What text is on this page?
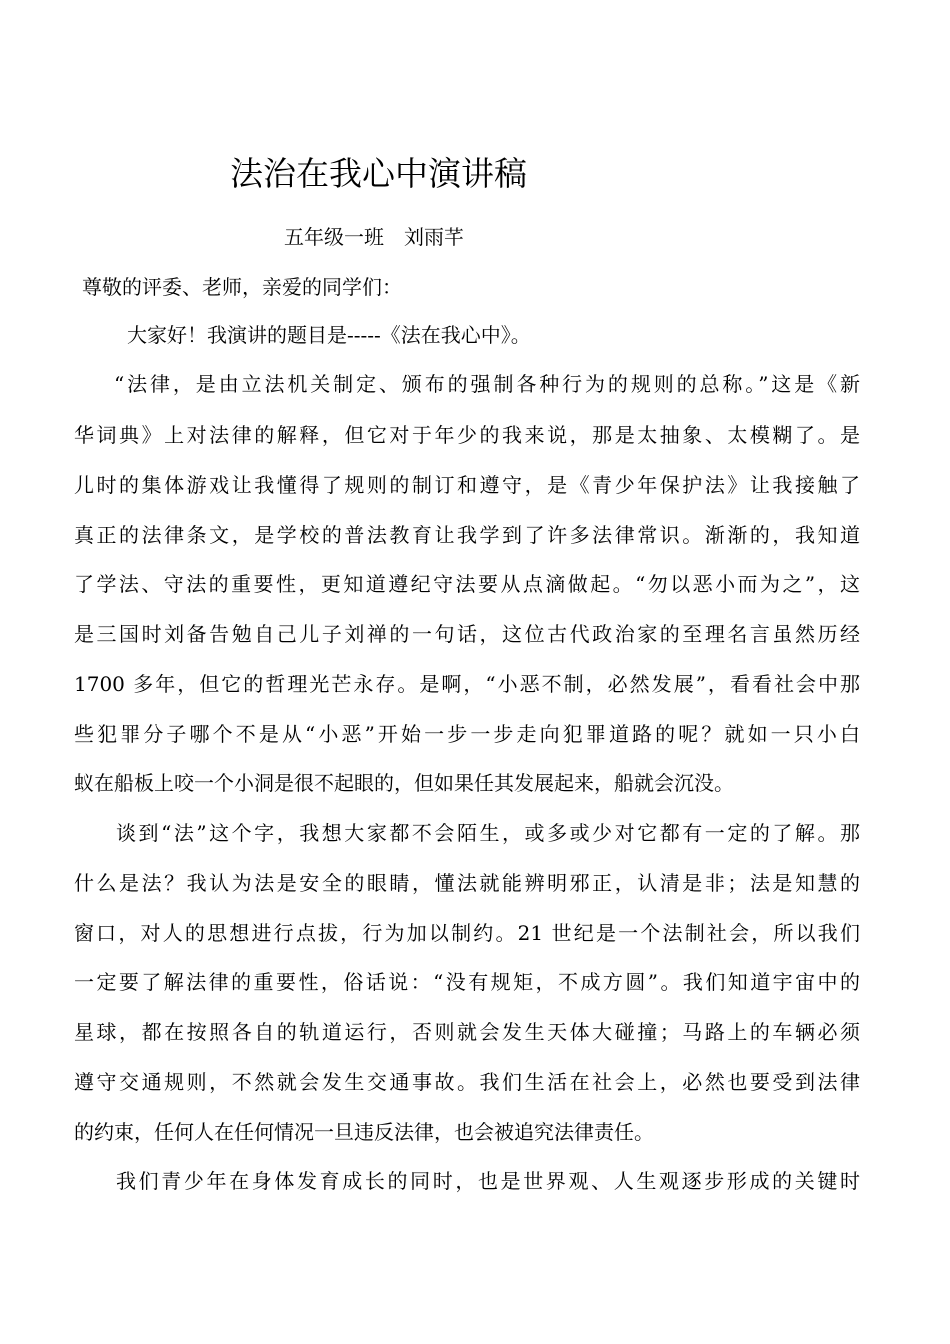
法治在我心中演讲稿
五年级一班　刘雨芊
尊敬的评委、老师，亲爱的同学们：
大家好！我演讲的题目是-----《法在我心中》。
“法律，是由立法机关制定、颁布的强制各种行为的规则的总称。”这是《新
华词典》上对法律的解释，但它对于年少的我来说，那是太抽象、太模糊了。是
儿时的集体游戏让我懂得了规则的制订和遵守，是《青少年保护法》让我接触了
真正的法律条文，是学校的普法教育让我学到了许多法律常识。渐渐的，我知道
了学法、守法的重要性，更知道遵纪守法要从点滴做起。“勿以恶小而为之”，这
是三国时刘备告勉自己儿子刘禅的一句话，这位古代政治家的至理名言虽然历经
1700 多年，但它的哲理光芒永存。是啊，“小恶不制，必然发展”，看看社会中那
些犯罪分子哪个不是从“小恶”开始一步一步走向犯罪道路的呢？就如一只小白
蚁在船板上咬一个小洞是很不起眼的，但如果任其发展起来，船就会沉没。
谈到“法”这个字，我想大家都不会陌生，或多或少对它都有一定的了解。那
什么是法？我认为法是安全的眼睛，懂法就能辨明邪正，认清是非；法是知慧的
窗口，对人的思想进行点拔，行为加以制约。21 世纪是一个法制社会，所以我们
一定要了解法律的重要性，俗话说：“没有规矩，不成方圆”。我们知道宇宙中的
星球，都在按照各自的轨道运行，否则就会发生天体大碰撞；马路上的车辆必须
遵守交通规则，不然就会发生交通事故。我们生活在社会上，必然也要受到法律
的约束，任何人在任何情况一旦违反法律，也会被追究法律责任。
我们青少年在身体发育成长的同时，也是世界观、人生观逐步形成的关键时
